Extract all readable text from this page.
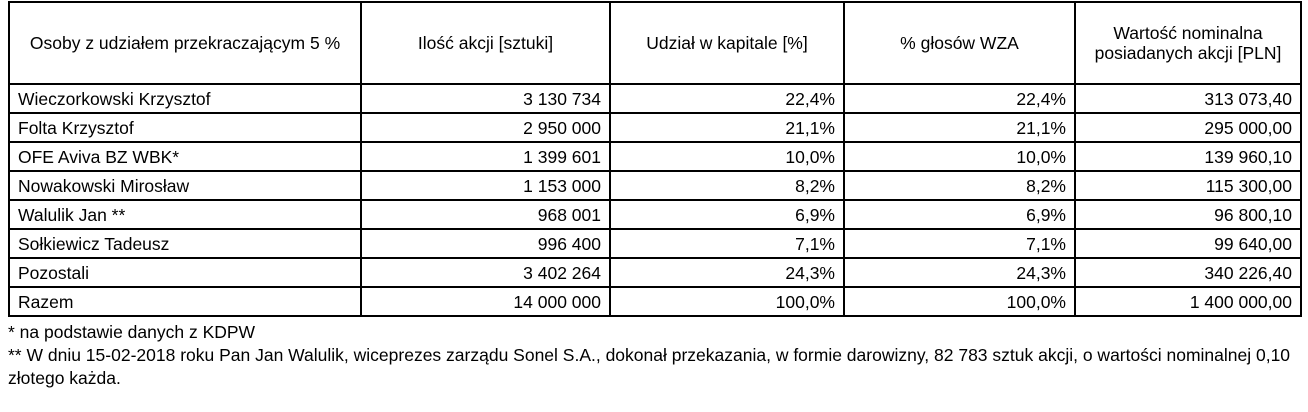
Osoby z udziałem przekraczającym 5 %	Ilość akcji [sztuki]	Udział w kapitale [%]	% głosów WZA	Wartość nominalna posiadanych akcji [PLN]
Wieczorkowski Krzysztof	3 130 734	22,4%	22,4%	313 073,40
Folta Krzysztof	2 950 000	21,1%	21,1%	295 000,00
OFE Aviva BZ WBK*	1 399 601	10,0%	10,0%	139 960,10
Nowakowski Mirosław	1 153 000	8,2%	8,2%	115 300,00
Walulik Jan **	968 001	6,9%	6,9%	96 800,10
Sołkiewicz Tadeusz	996 400	7,1%	7,1%	99 640,00
Pozostali	3 402 264	24,3%	24,3%	340 226,40
Razem	14 000 000	100,0%	100,0%	1 400 000,00

* na podstawie danych z KDPW

** W dniu 15-02-2018 roku Pan Jan Walulik, wiceprezes zarządu Sonel S.A., dokonał przekazania, w formie darowizny, 82 783 sztuk akcji, o wartości nominalnej 0,10 złotego każda.
